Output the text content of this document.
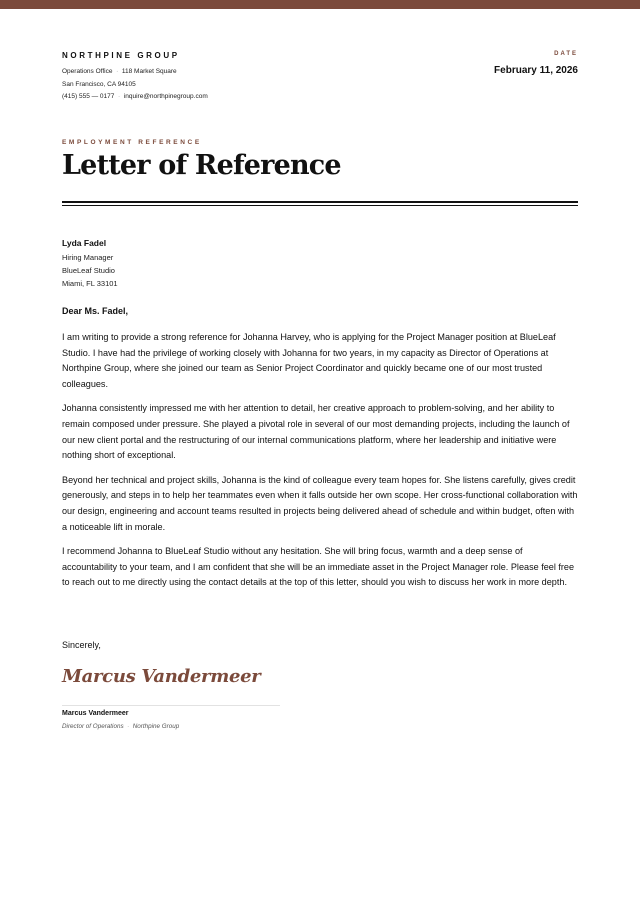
NORTHPINE GROUP
Operations Office  ·  118 Market Square
San Francisco, CA 94105
(415) 555 — 0177  ·  inquire@northpinegroup.com
DATE
February 11, 2026
EMPLOYMENT REFERENCE
Letter of Reference
Lyda Fadel
Hiring Manager
BlueLeaf Studio
Miami, FL 33101
Dear Ms. Fadel,

I am writing to provide a strong reference for Johanna Harvey, who is applying for the Project Manager position at BlueLeaf Studio. I have had the privilege of working closely with Johanna for two years, in my capacity as Director of Operations at Northpine Group, where she joined our team as Senior Project Coordinator and quickly became one of our most trusted colleagues.

Johanna consistently impressed me with her attention to detail, her creative approach to problem-solving, and her ability to remain composed under pressure. She played a pivotal role in several of our most demanding projects, including the launch of our new client portal and the restructuring of our internal communications platform, where her leadership and initiative were nothing short of exceptional.

Beyond her technical and project skills, Johanna is the kind of colleague every team hopes for. She listens carefully, gives credit generously, and steps in to help her teammates even when it falls outside her own scope. Her cross-functional collaboration with our design, engineering and account teams resulted in projects being delivered ahead of schedule and within budget, often with a noticeable lift in morale.

I recommend Johanna to BlueLeaf Studio without any hesitation. She will bring focus, warmth and a deep sense of accountability to your team, and I am confident that she will be an immediate asset in the Project Manager role. Please feel free to reach out to me directly using the contact details at the top of this letter, should you wish to discuss her work in more depth.

Sincerely,
Marcus Vandermeer
Marcus Vandermeer
Director of Operations  ·  Northpine Group
